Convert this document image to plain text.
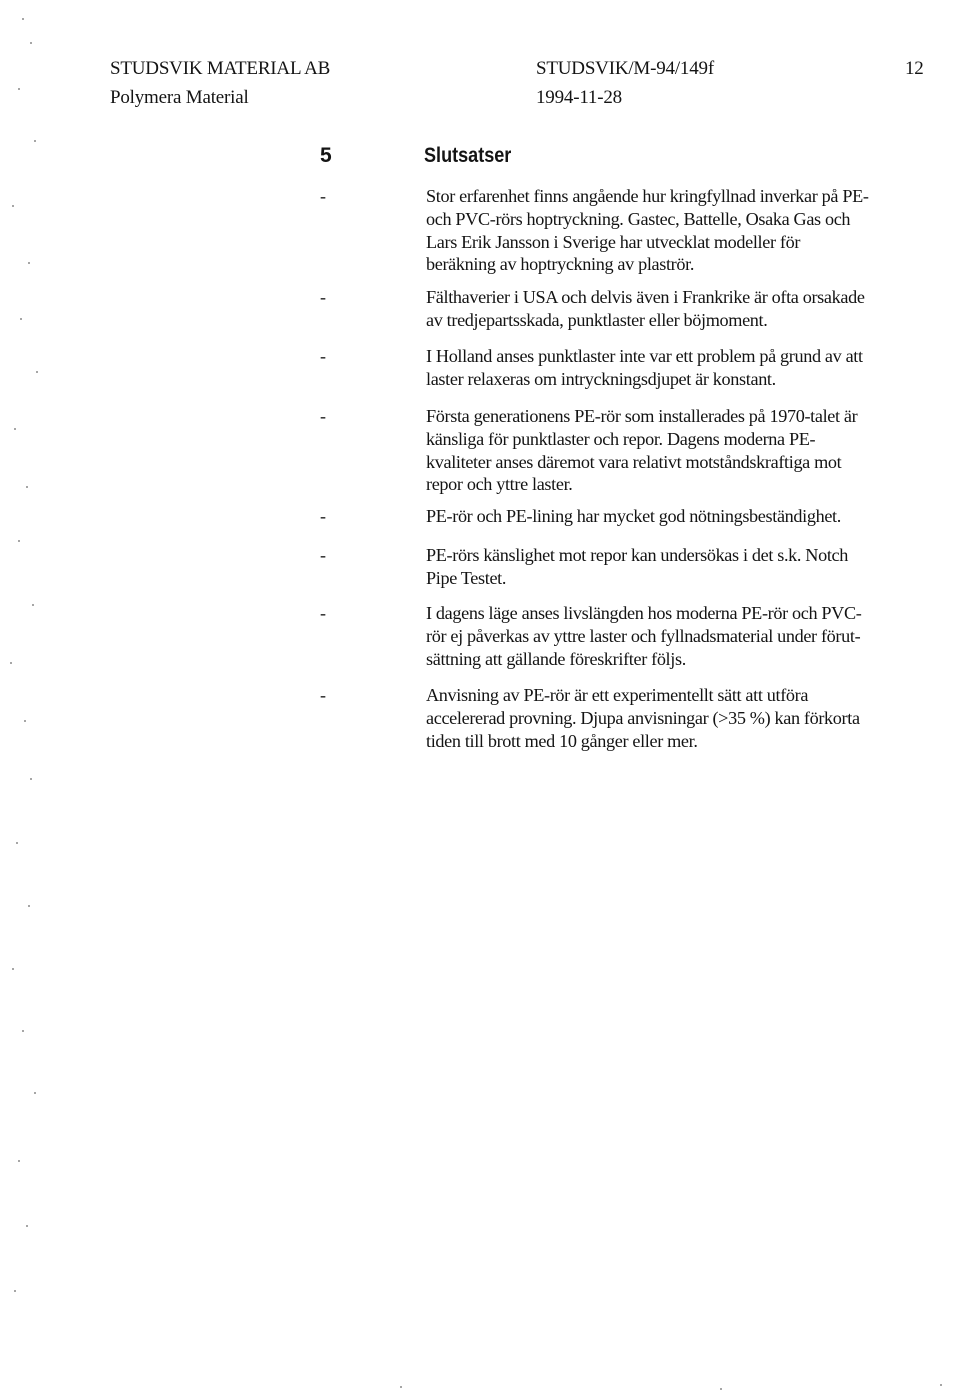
STUDSVIK MATERIAL AB
Polymera Material
STUDSVIK/M-94/149f
1994-11-28
12
5	Slutsatser
-	Stor erfarenhet finns angående hur kringfyllnad inverkar på PE-
och PVC-rörs hoptryckning. Gastec, Battelle, Osaka Gas och
Lars Erik Jansson i Sverige har utvecklat modeller för
beräkning av hoptryckning av plaströr.
-	Fälthaverier i USA och delvis även i Frankrike är ofta orsakade
av tredjepartsskada, punktlaster eller böjmoment.
-	I Holland anses punktlaster inte var ett problem på grund av att
laster relaxeras om intryckningsdjupet är konstant.
-	Första generationens PE-rör som installerades på 1970-talet är
känsliga för punktlaster och repor. Dagens moderna PE-
kvaliteter anses däremot vara relativt motståndskraftiga mot
repor och yttre laster.
-	PE-rör och PE-lining har mycket god nötningsbeständighet.
-	PE-rörs känslighet mot repor kan undersökas i det s.k. Notch
Pipe Testet.
-	I dagens läge anses livslängden hos moderna PE-rör och PVC-
rör ej påverkas av yttre laster och fyllnadsmaterial under förut-
sättning att gällande föreskrifter följs.
-	Anvisning av PE-rör är ett experimentellt sätt att utföra
accelererad provning. Djupa anvisningar (>35 %) kan förkorta
tiden till brott med 10 gånger eller mer.
